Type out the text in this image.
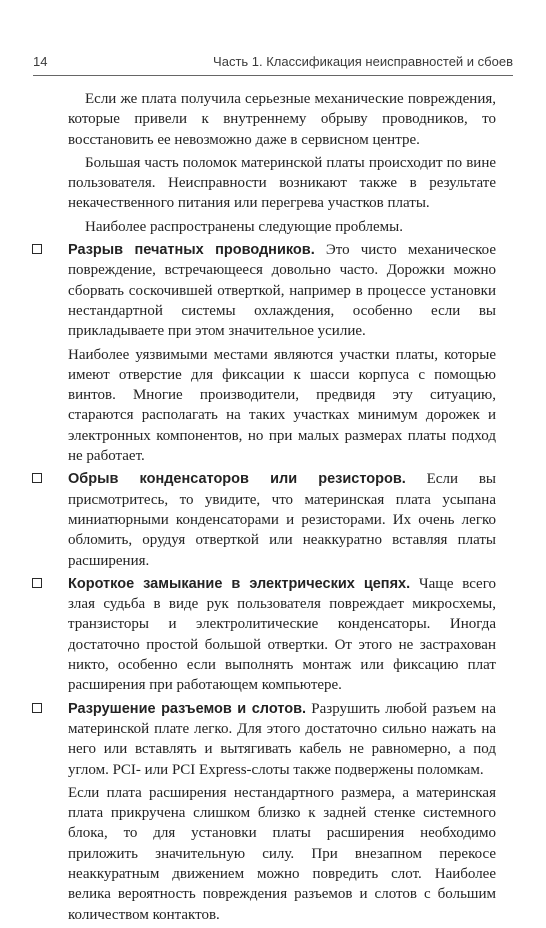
14	Часть 1. Классификация неисправностей и сбоев

Если же плата получила серьезные механические повреждения, которые привели к внутреннему обрыву проводников, то восстановить ее невозможно даже в сервисном центре.

Большая часть поломок материнской платы происходит по вине пользователя. Неисправности возникают также в результате некачественного питания или перегрева участков платы.

Наиболее распространены следующие проблемы.

Разрыв печатных проводников. Это чисто механическое повреждение, встречающееся довольно часто. Дорожки можно сборвать соскочившей отверткой, например в процессе установки нестандартной системы охлаждения, особенно если вы прикладываете при этом значительное усилие.

Наиболее уязвимыми местами являются участки платы, которые имеют отверстие для фиксации к шасси корпуса с помощью винтов. Многие производители, предвидя эту ситуацию, стараются располагать на таких участках минимум дорожек и электронных компонентов, но при малых размерах платы подход не работает.

Обрыв конденсаторов или резисторов. Если вы присмотритесь, то увидите, что материнская плата усыпана миниатюрными конденсаторами и резисторами. Их очень легко обломить, орудуя отверткой или неаккуратно вставляя платы расширения.

Короткое замыкание в электрических цепях. Чаще всего злая судьба в виде рук пользователя повреждает микросхемы, транзисторы и электролитические конденсаторы. Иногда достаточно простой большой отвертки. От этого не застрахован никто, особенно если выполнять монтаж или фиксацию плат расширения при работающем компьютере.

Разрушение разъемов и слотов. Разрушить любой разъем на материнской плате легко. Для этого достаточно сильно нажать на него или вставлять и вытягивать кабель не равномерно, а под углом. PCI- или PCI Express-слоты также подвержены поломкам.

Если плата расширения нестандартного размера, а материнская плата прикручена слишком близко к задней стенке системного блока, то для установки платы расширения необходимо приложить значительную силу. При внезапном перекосе неаккуратным движением можно повредить слот. Наиболее велика вероятность повреждения разъемов и слотов с большим количеством контактов.
